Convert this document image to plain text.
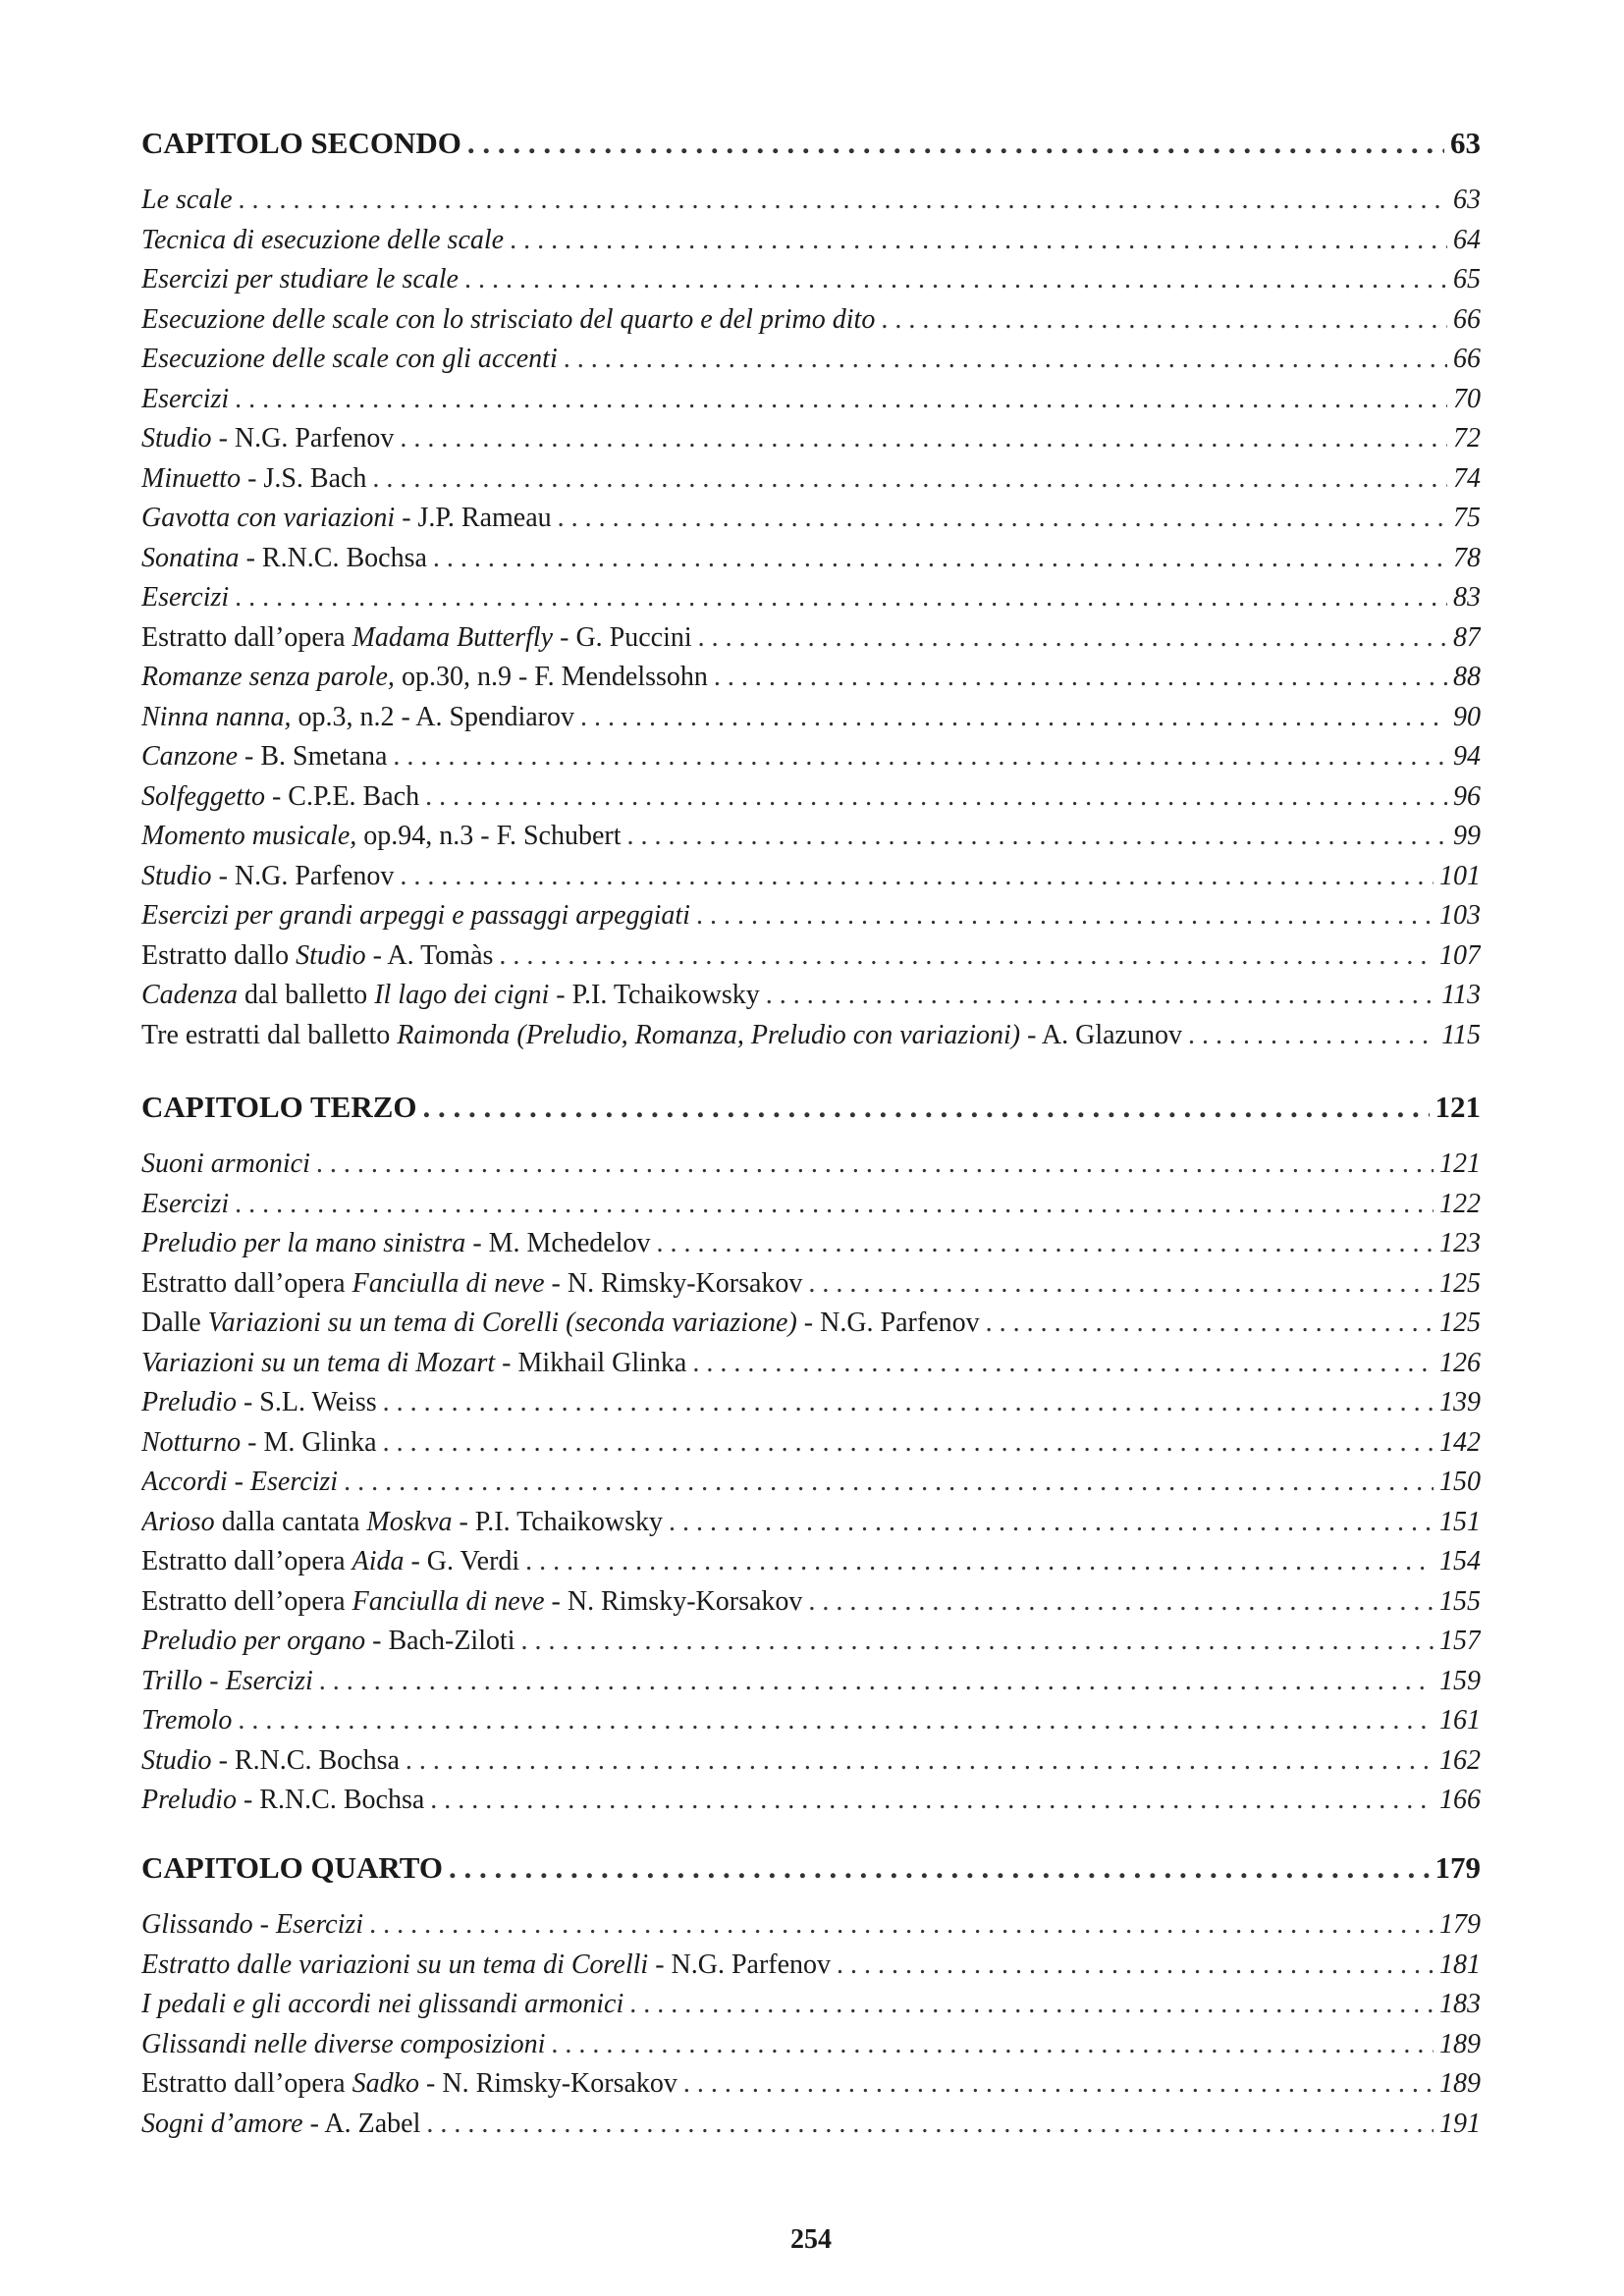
CAPITOLO SECONDO . . .	63
Le scale . . .	63
Tecnica di esecuzione delle scale . . .	64
Esercizi per studiare le scale . . .	65
Esecuzione delle scale con lo strisciato del quarto e del primo dito . . .	66
Esecuzione delle scale con gli accenti . . .	66
Esercizi . . .	70
Studio - N.G. Parfenov . . .	72
Minuetto - J.S. Bach . . .	74
Gavotta con variazioni - J.P. Rameau . . .	75
Sonatina - R.N.C. Bochsa . . .	78
Esercizi . . .	83
Estratto dall’opera Madama Butterfly - G. Puccini . . .	87
Romanze senza parole, op.30, n.9 - F. Mendelssohn . . .	88
Ninna nanna, op.3, n.2 - A. Spendiarov . . .	90
Canzone - B. Smetana . . .	94
Solfeggetto - C.P.E. Bach . . .	96
Momento musicale, op.94, n.3 - F. Schubert . . .	99
Studio - N.G. Parfenov . . .	101
Esercizi per grandi arpeggi e passaggi arpeggiati . . .	103
Estratto dallo Studio - A. Tomàs . . .	107
Cadenza dal balletto Il lago dei cigni - P.I. Tchaikowsky . . .	113
Tre estratti dal balletto Raimonda (Preludio, Romanza, Preludio con variazioni) - A. Glazunov . . .	115
CAPITOLO TERZO . . .	121
Suoni armonici . . .	121
Esercizi . . .	122
Preludio per la mano sinistra - M. Mchedelov . . .	123
Estratto dall’opera Fanciulla di neve - N. Rimsky-Korsakov . . .	125
Dalle Variazioni su un tema di Corelli (seconda variazione) - N.G. Parfenov . . .	125
Variazioni su un tema di Mozart - Mikhail Glinka . . .	126
Preludio - S.L. Weiss . . .	139
Notturno - M. Glinka . . .	142
Accordi - Esercizi . . .	150
Arioso dalla cantata Moskva - P.I. Tchaikowsky . . .	151
Estratto dall’opera Aida - G. Verdi . . .	154
Estratto dell’opera Fanciulla di neve - N. Rimsky-Korsakov . . .	155
Preludio per organo - Bach-Ziloti . . .	157
Trillo - Esercizi . . .	159
Tremolo . . .	161
Studio - R.N.C. Bochsa . . .	162
Preludio - R.N.C. Bochsa . . .	166
CAPITOLO QUARTO . . .	179
Glissando - Esercizi . . .	179
Estratto dalle variazioni su un tema di Corelli - N.G. Parfenov . . .	181
I pedali e gli accordi nei glissandi armonici . . .	183
Glissandi nelle diverse composizioni . . .	189
Estratto dall’opera Sadko - N. Rimsky-Korsakov . . .	189
Sogni d’amore - A. Zabel . . .	191
254
